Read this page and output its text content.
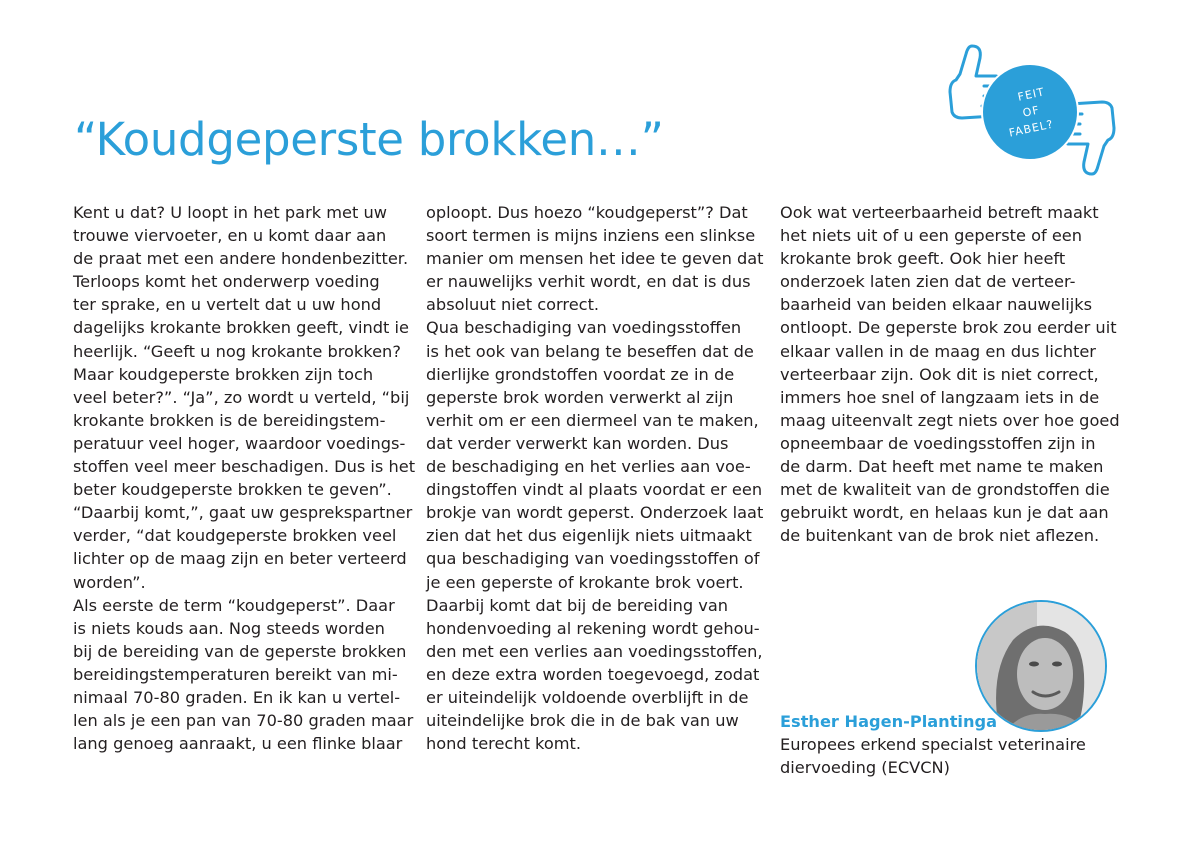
“Koudgeperste brokken…”
FEIT
OF
FABEL?
Kent u dat? U loopt in het park met uw
trouwe viervoeter, en u komt daar aan
de praat met een andere hondenbezitter.
Terloops komt het onderwerp voeding
ter sprake, en u vertelt dat u uw hond
dagelijks krokante brokken geeft, vindt ie
heerlijk. “Geeft u nog krokante brokken?
Maar koudgeperste brokken zijn toch
veel beter?”. “Ja”, zo wordt u verteld, “bij
krokante brokken is de bereidingstem-
peratuur veel hoger, waardoor voedings-
stoffen veel meer beschadigen. Dus is het
beter koudgeperste brokken te geven”.
“Daarbij komt,”, gaat uw gesprekspartner
verder, “dat koudgeperste brokken veel
lichter op de maag zijn en beter verteerd
worden”.
Als eerste de term “koudgeperst”. Daar
is niets kouds aan. Nog steeds worden
bij de bereiding van de geperste brokken
bereidingstemperaturen bereikt van mi-
nimaal 70-80 graden. En ik kan u vertel-
len als je een pan van 70-80 graden maar
lang genoeg aanraakt, u een flinke blaar
oploopt. Dus hoezo “koudgeperst”? Dat
soort termen is mijns inziens een slinkse
manier om mensen het idee te geven dat
er nauwelijks verhit wordt, en dat is dus
absoluut niet correct.
Qua beschadiging van voedingsstoffen
is het ook van belang te beseffen dat de
dierlijke grondstoffen voordat ze in de
geperste brok worden verwerkt al zijn
verhit om er een diermeel van te maken,
dat verder verwerkt kan worden. Dus
de beschadiging en het verlies aan voe-
dingstoffen vindt al plaats voordat er een
brokje van wordt geperst. Onderzoek laat
zien dat het dus eigenlijk niets uitmaakt
qua beschadiging van voedingsstoffen of
je een geperste of krokante brok voert.
Daarbij komt dat bij de bereiding van
hondenvoeding al rekening wordt gehou-
den met een verlies aan voedingsstoffen,
en deze extra worden toegevoegd, zodat
er uiteindelijk voldoende overblijft in de
uiteindelijke brok die in de bak van uw
hond terecht komt.
Ook wat verteerbaarheid betreft maakt
het niets uit of u een geperste of een
krokante brok geeft. Ook hier heeft
onderzoek laten zien dat de verteer-
baarheid van beiden elkaar nauwelijks
ontloopt. De geperste brok zou eerder uit
elkaar vallen in de maag en dus lichter
verteerbaar zijn. Ook dit is niet correct,
immers hoe snel of langzaam iets in de
maag uiteenvalt zegt niets over hoe goed
opneembaar de voedingsstoffen zijn in
de darm. Dat heeft met name te maken
met de kwaliteit van de grondstoffen die
gebruikt wordt, en helaas kun je dat aan
de buitenkant van de brok niet aflezen.
Esther Hagen-Plantinga
Europees erkend specialst veterinaire
diervoeding (ECVCN)
